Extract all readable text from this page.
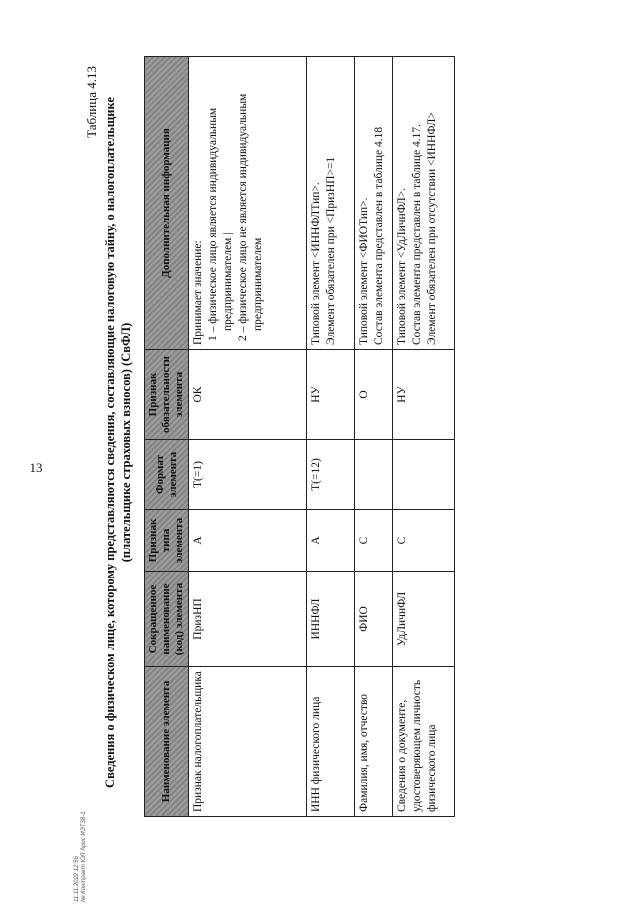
13
Таблица 4.13 Сведения о физическом лице, которому представляются сведения, составляющие налоговую тайну, о налогоплательщике (плательщике страховых взносов) (СвФЛ)
Наименование элемента	Сокращенное наименование (код) элемента	Признак типа элемента	Формат элемента	Признак обязательности элемента	Дополнительная информация
Признак налогоплательщика	ПризНП	А	Т(=1)	ОК	Принимает значение: 1 – физическое лицо является индивидуальным предпринимателем | 2 – физическое лицо не является индивидуальным предпринимателем

ИНН физического лица	ИННФЛ	А	Т(=12)	НУ	Типовой элемент <ИННФЛТип>. Элемент обязателен при <ПризНП>=1

Фамилия, имя, отчество	ФИО	С		О	Типовой элемент <ФИОТип>. Состав элемента представлен в таблице 4.18

Сведения о документе, удостоверяющем личность физического лица	УдЛичнФЛ	С		НУ	Типовой элемент <УдЛичнФЛ>. Состав элемента представлен в таблице 4.17. Элемент обязателен при отсутствии <ИННФЛ>
11.11.2022 12:56 № Контракт ЮЛ Арис ИЭТ38-1
